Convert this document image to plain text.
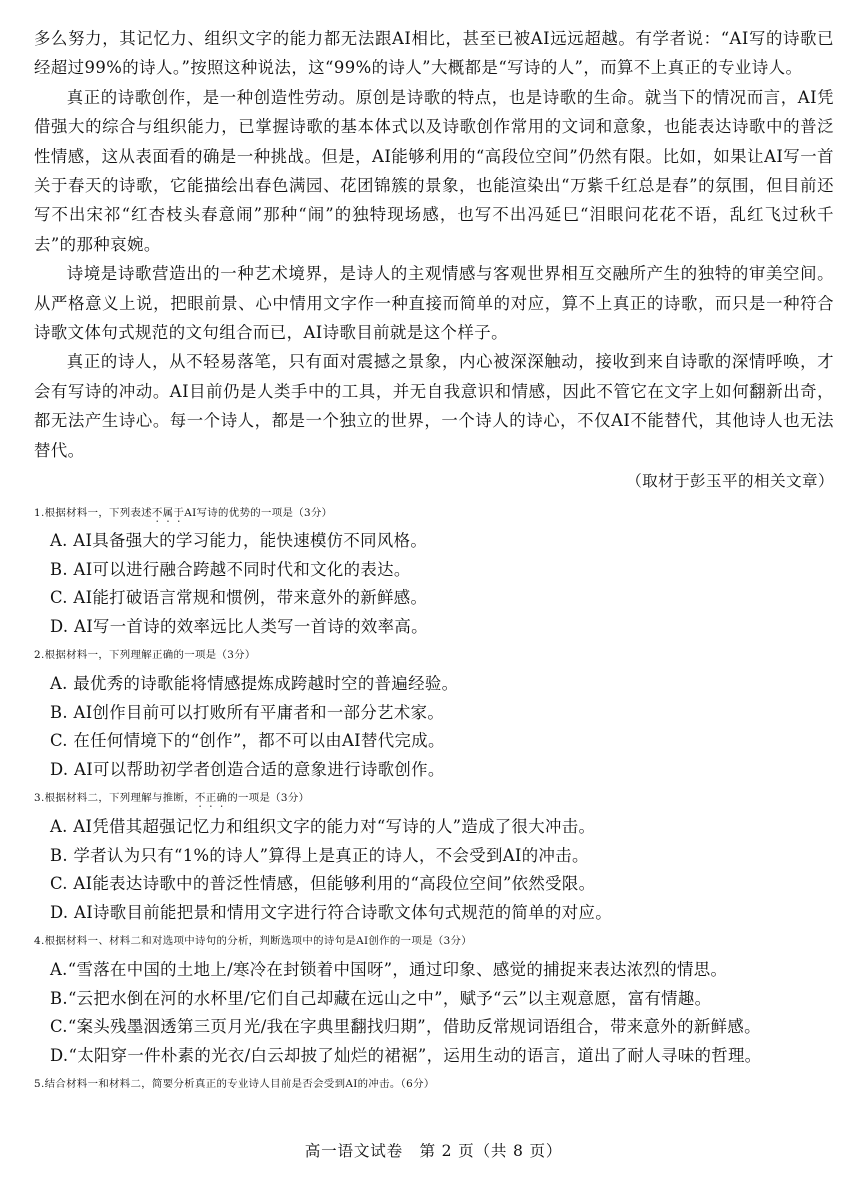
多么努力，其记忆力、组织文字的能力都无法跟AI相比，甚至已被AI远远超越。有学者说：“AI写的诗歌已经超过99%的诗人。”按照这种说法，这“99%的诗人”大概都是“写诗的人”，而算不上真正的专业诗人。

真正的诗歌创作，是一种创造性劳动。原创是诗歌的特点，也是诗歌的生命。就当下的情况而言，AI凭借强大的综合与组织能力，已掌握诗歌的基本体式以及诗歌创作常用的文词和意象，也能表达诗歌中的普泛性情感，这从表面看的确是一种挑战。但是，AI能够利用的“高段位空间”仍然有限。比如，如果让AI写一首关于春天的诗歌，它能描绘出春色满园、花团锦簇的景象，也能渲染出“万紫千红总是春”的氛围，但目前还写不出宋祁“红杏枝头春意闹”那种“闹”的独特现场感，也写不出冯延巳“泪眼问花花不语，乱红飞过秋千去”的那种哀婉。

诗境是诗歌营造出的一种艺术境界，是诗人的主观情感与客观世界相互交融所产生的独特的审美空间。从严格意义上说，把眼前景、心中情用文字作一种直接而简单的对应，算不上真正的诗歌，而只是一种符合诗歌文体句式规范的文句组合而已，AI诗歌目前就是这个样子。

真正的诗人，从不轻易落笔，只有面对震撼之景象，内心被深深触动，接收到来自诗歌的深情呼唤，才会有写诗的冲动。AI目前仍是人类手中的工具，并无自我意识和情感，因此不管它在文字上如何翻新出奇，都无法产生诗心。每一个诗人，都是一个独立的世界，一个诗人的诗心，不仅AI不能替代，其他诗人也无法替代。

（取材于彭玉平的相关文章）

1.根据材料一，下列表述不属于AI写诗的优势的一项是（3分）

A. AI具备强大的学习能力，能快速模仿不同风格。

B. AI可以进行融合跨越不同时代和文化的表达。

C. AI能打破语言常规和惯例，带来意外的新鲜感。

D. AI写一首诗的效率远比人类写一首诗的效率高。

2.根据材料一，下列理解正确的一项是（3分）

A. 最优秀的诗歌能将情感提炼成跨越时空的普遍经验。

B. AI创作目前可以打败所有平庸者和一部分艺术家。

C. 在任何情境下的“创作”，都不可以由AI替代完成。

D. AI可以帮助初学者创造合适的意象进行诗歌创作。

3.根据材料二，下列理解与推断，不正确的一项是（3分）

A. AI凭借其超强记忆力和组织文字的能力对“写诗的人”造成了很大冲击。

B. 学者认为只有“1%的诗人”算得上是真正的诗人，不会受到AI的冲击。

C. AI能表达诗歌中的普泛性情感，但能够利用的“高段位空间”依然受限。

D. AI诗歌目前能把景和情用文字进行符合诗歌文体句式规范的简单的对应。

4.根据材料一、材料二和对选项中诗句的分析，判断选项中的诗句是AI创作的一项是（3分）

A.“雪落在中国的土地上/寒冷在封锁着中国呀”，通过印象、感觉的捕捉来表达浓烈的情思。

B.“云把水倒在河的水杯里/它们自己却藏在远山之中”，赋予“云”以主观意愿，富有情趣。

C.“案头残墨洇透第三页月光/我在字典里翻找归期”，借助反常规词语组合，带来意外的新鲜感。

D.“太阳穿一件朴素的光衣/白云却披了灿烂的裙裾”，运用生动的语言，道出了耐人寻味的哲理。

5.结合材料一和材料二，简要分析真正的专业诗人目前是否会受到AI的冲击。（6分）

高一语文试卷　第 2 页（共 8 页）
